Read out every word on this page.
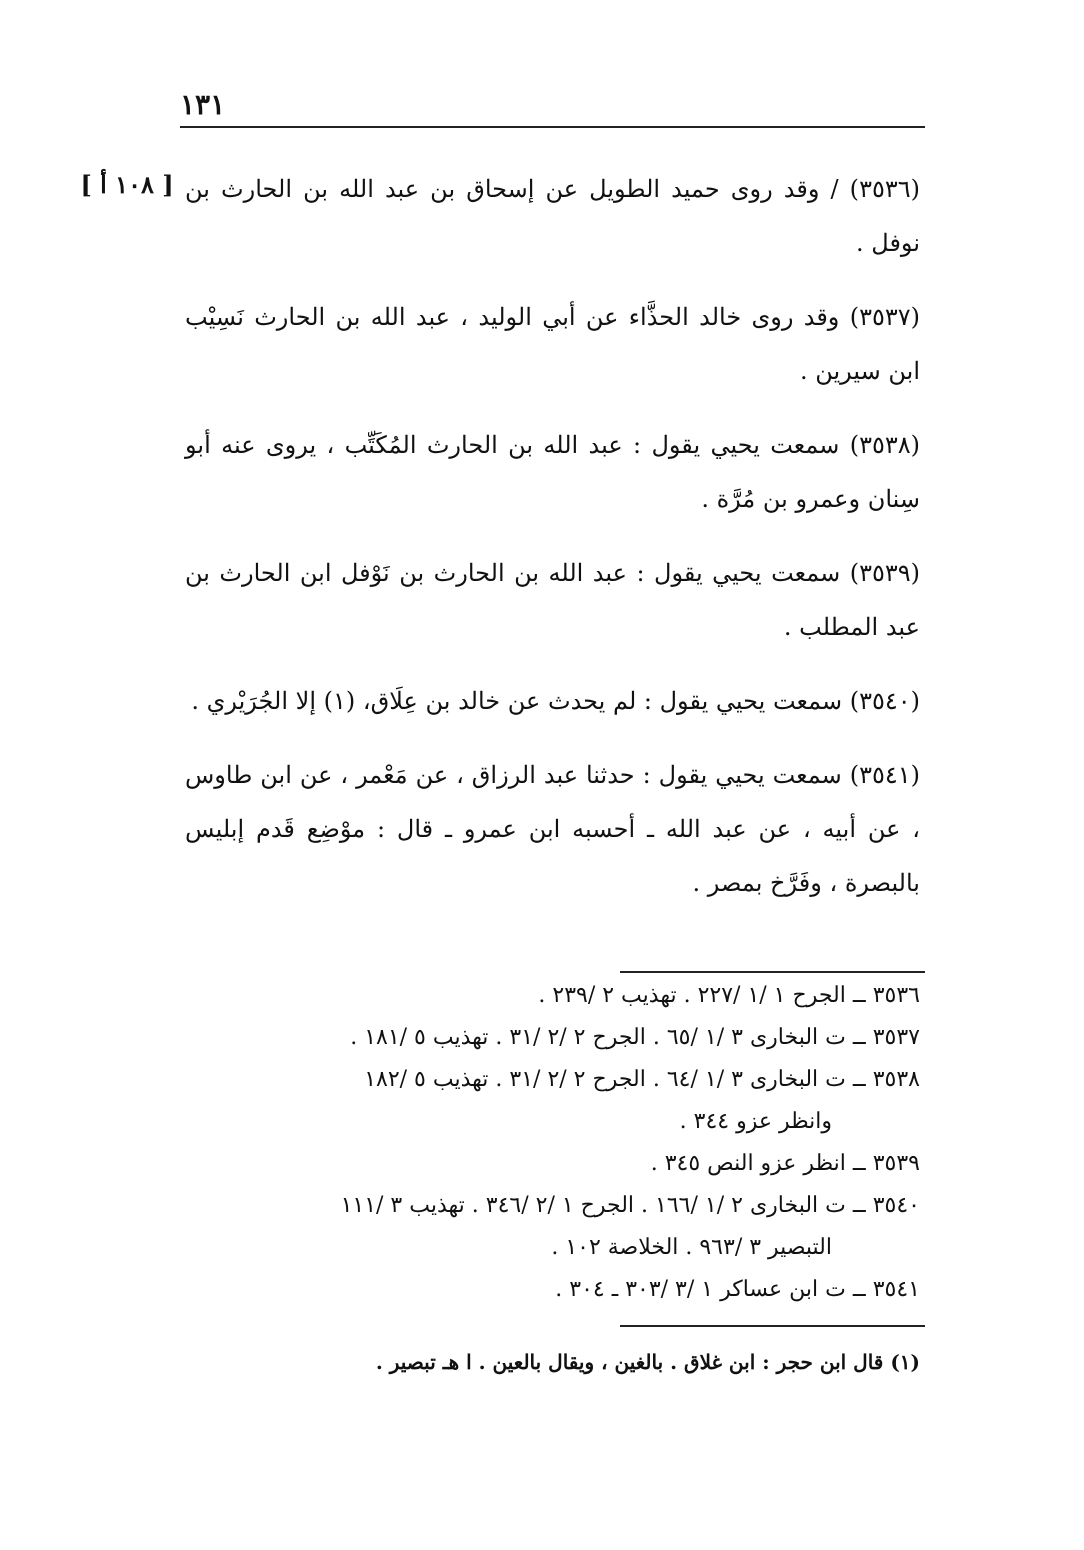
١٣١
[ ١٠٨ أ ] (٣٥٣٦) / وقد روى حميد الطويل عن إسحاق بن عبد الله بن الحارث بن نوفل .

(٣٥٣٧) وقد روى خالد الحذَّاء عن أبي الوليد ، عبد الله بن الحارث نَسِيْب ابن سيرين .

(٣٥٣٨) سمعت يحيي يقول : عبد الله بن الحارث المُكَتِّب ، يروى عنه أبو سِنان وعمرو بن مُرَّة .

(٣٥٣٩) سمعت يحيي يقول : عبد الله بن الحارث بن نَوْفل ابن الحارث بن عبد المطلب .

(٣٥٤٠) سمعت يحيي يقول : لم يحدث عن خالد بن عِلَاق، (١) إلا الجُرَيْري .

(٣٥٤١) سمعت يحيي يقول : حدثنا عبد الرزاق ، عن مَعْمر ، عن ابن طاوس ، عن أبيه ، عن عبد الله ـ أحسبه ابن عمرو ـ قال : موْضِع قَدم إبليس بالبصرة ، وفَرَّخ بمصر .

٣٥٣٦ ــ الجرح ١ /١ /٢٢٧ . تهذيب ٢ /٢٣٩ .
٣٥٣٧ ــ ت البخارى ٣ /١ /٦٥ . الجرح ٢ /٢ /٣١ . تهذيب ٥ /١٨١ .
٣٥٣٨ ــ ت البخارى ٣ /١ /٦٤ . الجرح ٢ /٢ /٣١ . تهذيب ٥ /١٨٢
وانظر عزو ٣٤٤ .
٣٥٣٩ ــ انظر عزو النص ٣٤٥ .
٣٥٤٠ ــ ت البخارى ٢ /١ /١٦٦ . الجرح ١ /٢ /٣٤٦ . تهذيب ٣ /١١١
التبصير ٣ /٩٦٣ . الخلاصة ١٠٢ .
٣٥٤١ ــ ت ابن عساكر ١ /٣ /٣٠٣ ـ ٣٠٤ .
(١) قال ابن حجر : ابن غلاق . بالغين ، ويقال بالعين . ا هـ تبصير .
